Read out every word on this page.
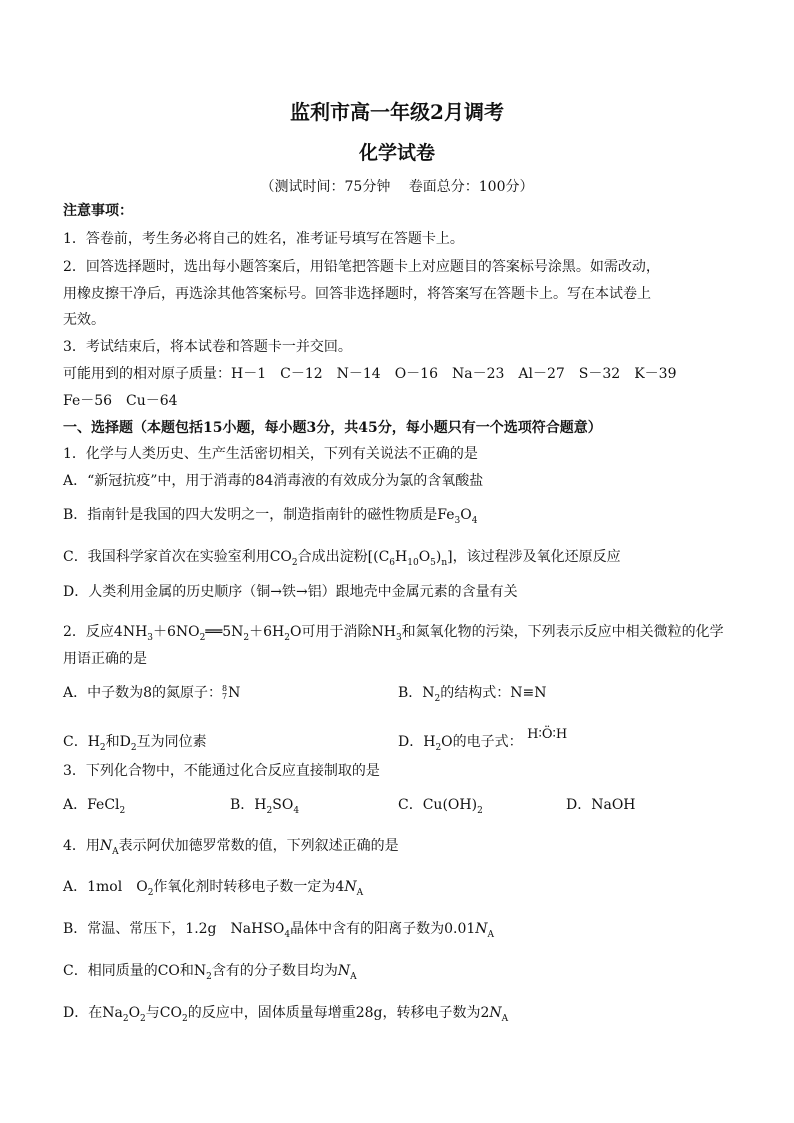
监利市高一年级2月调考
化学试卷
（测试时间：75分钟　 卷面总分：100分）
注意事项：
1．答卷前，考生务必将自己的姓名，准考证号填写在答题卡上。
2．回答选择题时，选出每小题答案后，用铅笔把答题卡上对应题目的答案标号涂黑。如需改动，
用橡皮擦干净后，再选涂其他答案标号。回答非选择题时，将答案写在答题卡上。写在本试卷上
无效。
3．考试结束后，将本试卷和答题卡一并交回。
可能用到的相对原子质量：H－1　C－12　N－14　O－16　Na－23　Al－27　S－32　K－39
Fe－56　Cu－64
一、选择题（本题包括15小题，每小题3分，共45分，每小题只有一个选项符合题意）
1．化学与人类历史、生产生活密切相关，下列有关说法不正确的是
A．“新冠抗疫”中，用于消毒的84消毒液的有效成分为氯的含氧酸盐
B．指南针是我国的四大发明之一，制造指南针的磁性物质是$Fe_3O_4$
C．我国科学家首次在实验室利用$CO_2$合成出淀粉$[(C_6H_{10}O_5)_n]$，该过程涉及氧化还原反应
D．人类利用金属的历史顺序（铜→铁→铝）跟地壳中金属元素的含量有关
2．反应$4NH_3+6NO_2══5N_2+6H_2O$可用于消除$NH_3$和氮氧化物的污染，下列表示反应中相关微粒的化学
用语正确的是
A．中子数为8的氮原子：8
7N	B．$N_2$的结构式：N≡N
C．$H_2$和$D_2$互为同位素	D．$H_2O$的电子式： H∶Ö∶H
3．下列化合物中，不能通过化合反应直接制取的是
A．FeCl$_2$	B．$H_2SO_4$	C．$Cu(OH)_2$	D．NaOH
4．用$N_A$表示阿伏加德罗常数的值，下列叙述正确的是
A．1mol　$O_2$作氧化剂时转移电子数一定为$4N_A$
B．常温、常压下，1.2g　NaHSO$_4$晶体中含有的阳离子数为$0.01N_A$
C．相同质量的CO和$N_2$含有的分子数目均为$N_A$
D．在$Na_2O_2$与$CO_2$的反应中，固体质量每增重28g，转移电子数为$2N_A$
